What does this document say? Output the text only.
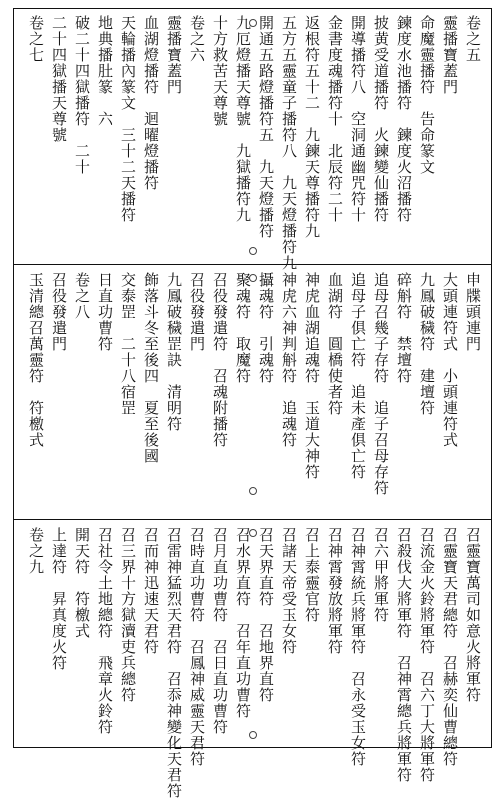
卷之五
靈播寶蓋門
命魔靈播符　告命篆文
鍊度水池播符　鍊度火沼播符
披黄受道播符　火鍊變仙播符
開導播符八　空洞通幽咒符十
金書度魂播符十　北辰符二十
返根符五十二　九鍊天尊播符九
五方五靈童子播符八　九天燈播符九
開通五路燈播符五　九天燈播符
九厄燈播天尊號　九獄播符九
十方救苦天尊號
卷之六
靈播寶蓋門
血湖燈播符　迴曜燈播符
天輪播內篆文　三十二天播符
地典播肚篆　六
破二十四獄播符　二十
二十四獄播天尊號
卷之七
申牒頭連門
大頭連符式　小頭連符式
九鳳破穢符　建壇符
碎斛符　禁壇符
追母召幾子存符　追子召母存符
追母子俱亡符　追未產俱亡符
血湖符　圓橋使者符
神虎血湖追魂符　玉道大神符
神虎六神判斛符　追魂符
攝魂符　引魂符
聚魂符　取魔符
召役發遣符　召魂附播符
召役發遣門
九鳳破穢罡訣　清明符
飾落斗冬至後四　夏至後國
交泰罡　二十八宿罡
日直功曹符
卷之八
召役發遣門
玉清總召萬靈符　符檄式
召靈寶萬司如意火將軍符
召靈寶天君總符　召赫奕仙曹總符
召流金火鈴將軍符　召六丁大將軍符
召殺伐大將軍符　召神霄總兵將軍符
召六甲將軍符
召神霄統兵將軍符　召永受玉女符
召神霄發放將軍符
召上泰靈官符
召諸天帝受玉女符
召天界直符　召地界直符
召水界直符　召年直功曹符
召月直功曹符　召日直功曹符
召時直功曹符　召鳳神威靈天君符
召雷神猛烈天君符　召忝神變化天君符
召而神迅速天君符
召三界十方獄瀆吏兵總符
召社令土地總符　飛章火鈴符
開天符　符檄式
上達符　昇真度火符
卷之九
